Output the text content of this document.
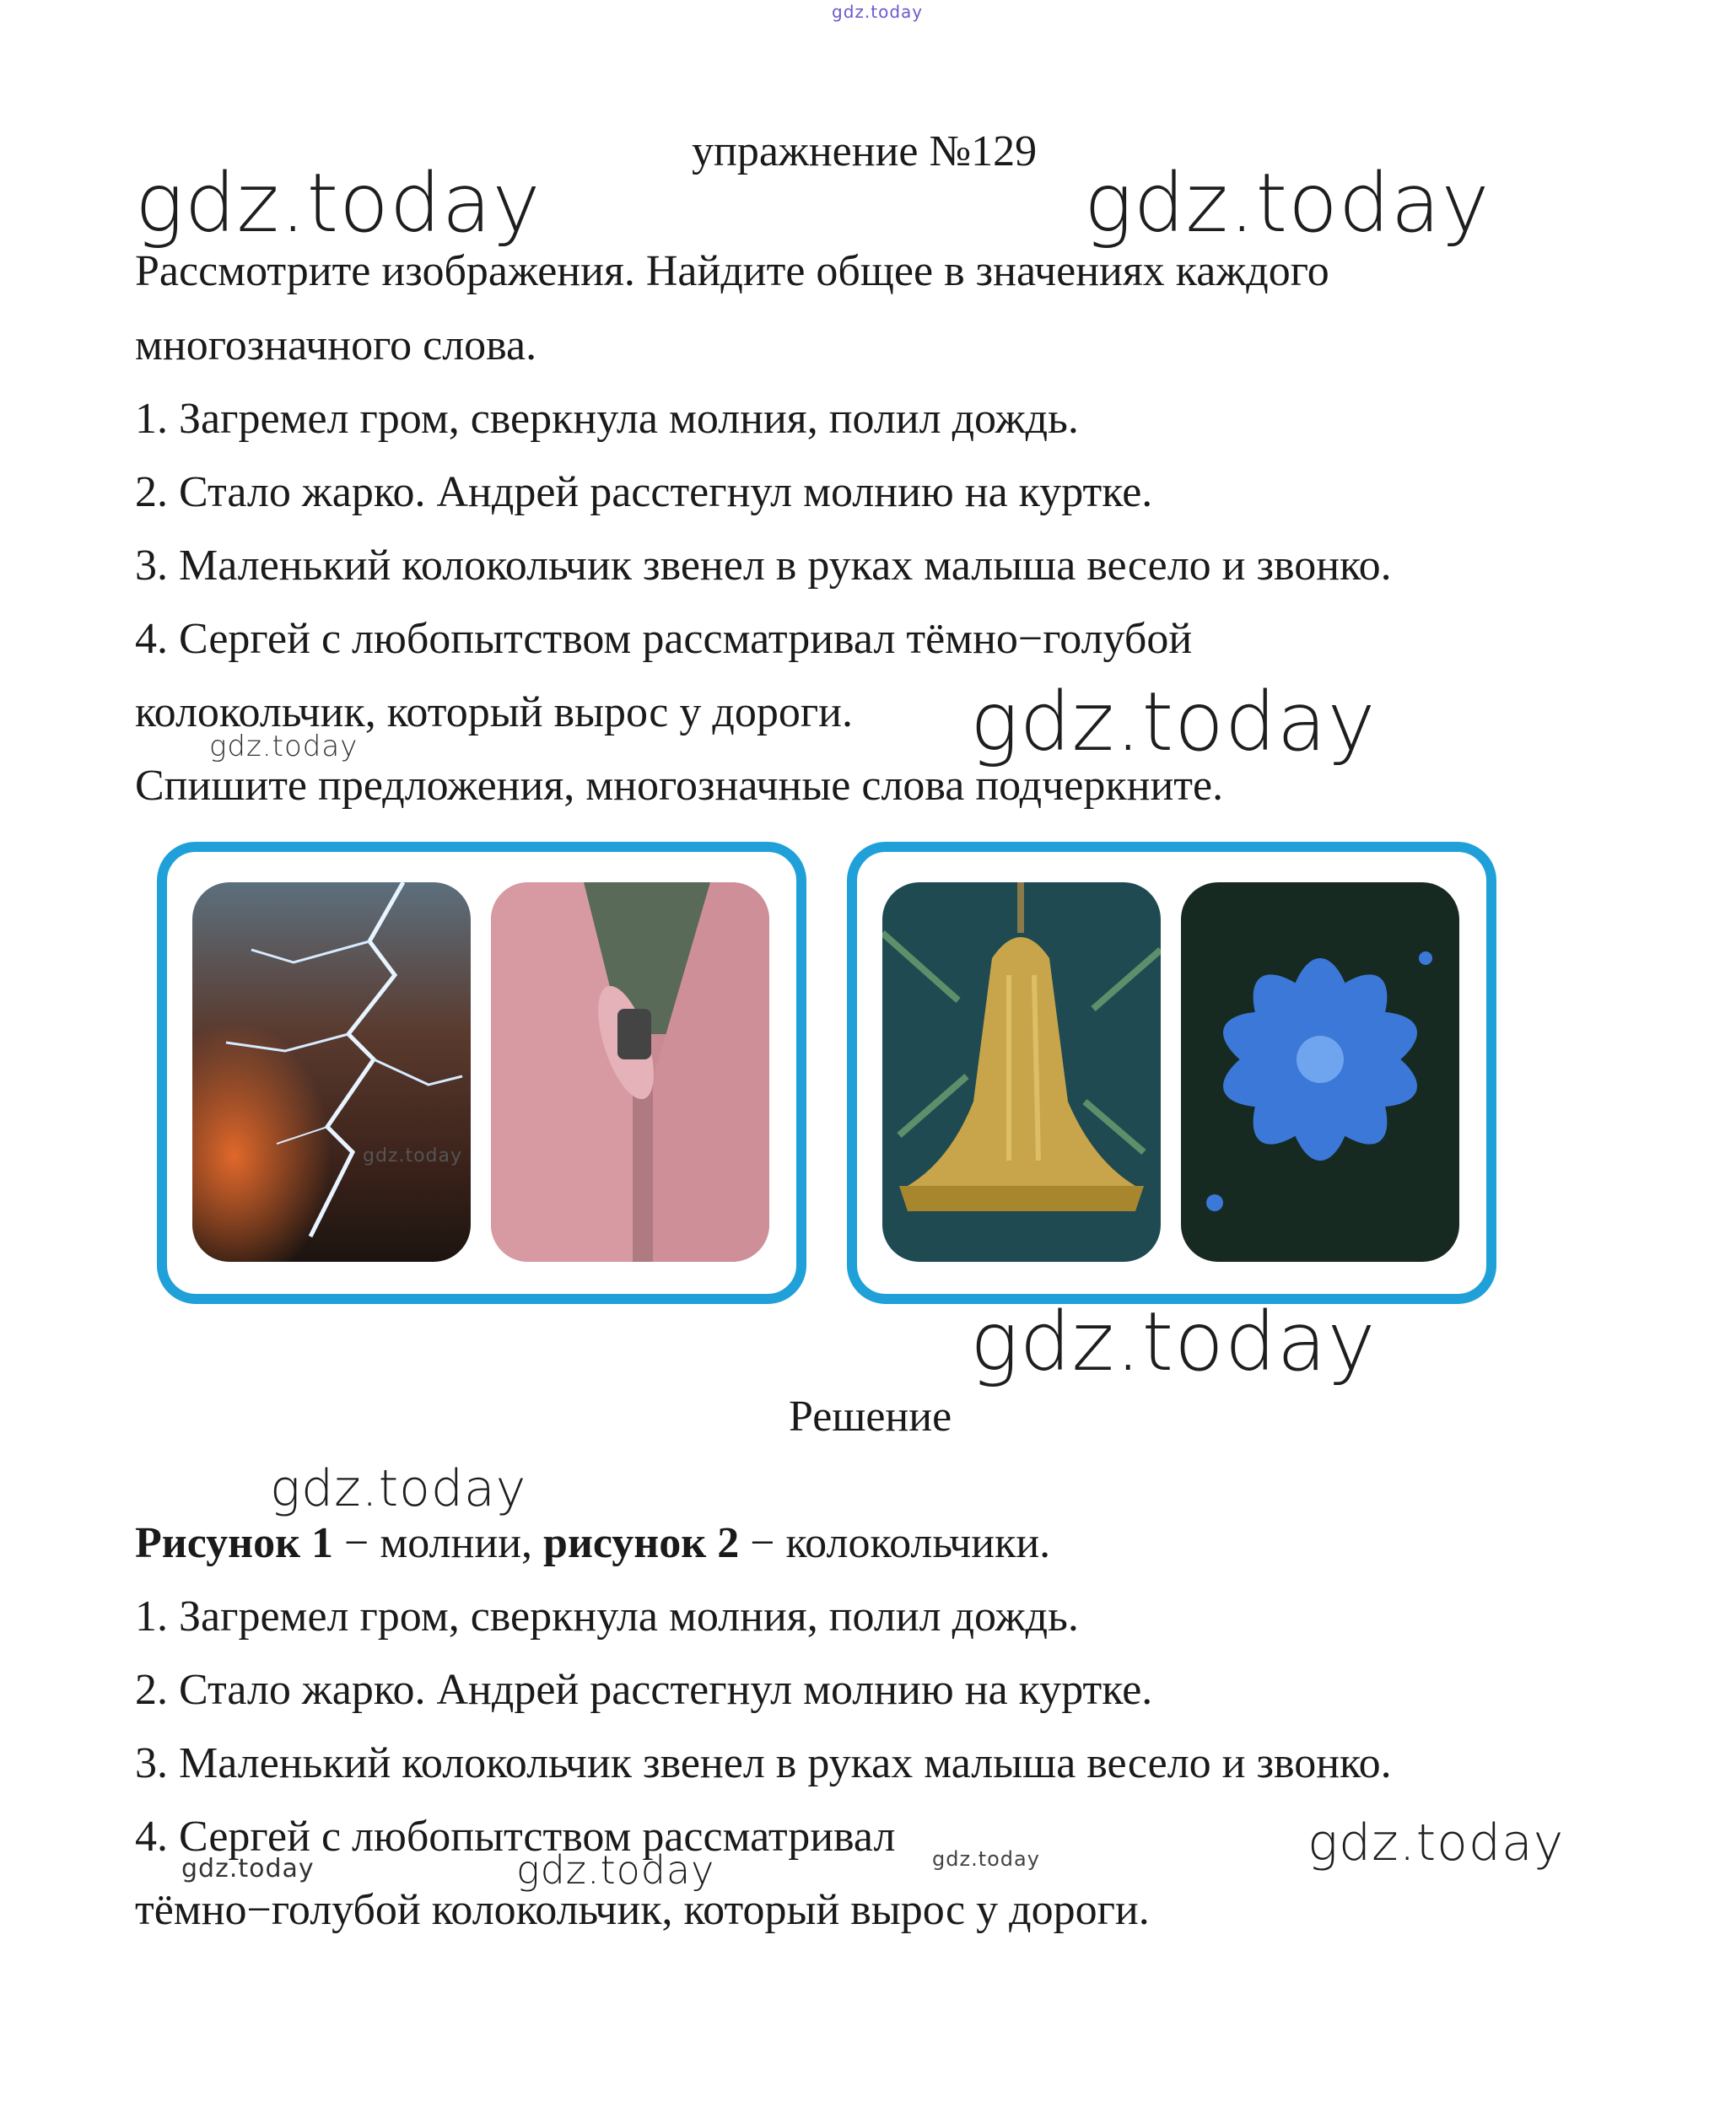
gdz.today
упражнение №129
gdz.today	gdz.today
Рассмотрите изображения. Найдите общее в значениях каждого
многозначного слова.
1. Загремел гром, сверкнула молния, полил дождь.
2. Стало жарко. Андрей расстегнул молнию на куртке.
3. Маленький колокольчик звенел в руках малыша весело и звонко.
4. Сергей с любопытством рассматривал тёмно−голубой
колокольчик, который вырос у дороги. gdz.today
gdz.today
Спишите предложения, многозначные слова подчеркните.
gdz.today
gdz.today
Решение
gdz.today
Рисунок 1 − молнии, рисунок 2 − колокольчики.
1. Загремел гром, сверкнула молния, полил дождь.
2. Стало жарко. Андрей расстегнул молнию на куртке.
3. Маленький колокольчик звенел в руках малыша весело и звонко.
4. Сергей с любопытством рассматривал	gdz.today
gdz.today	gdz.today	gdz.today
тёмно−голубой колокольчик, который вырос у дороги.
